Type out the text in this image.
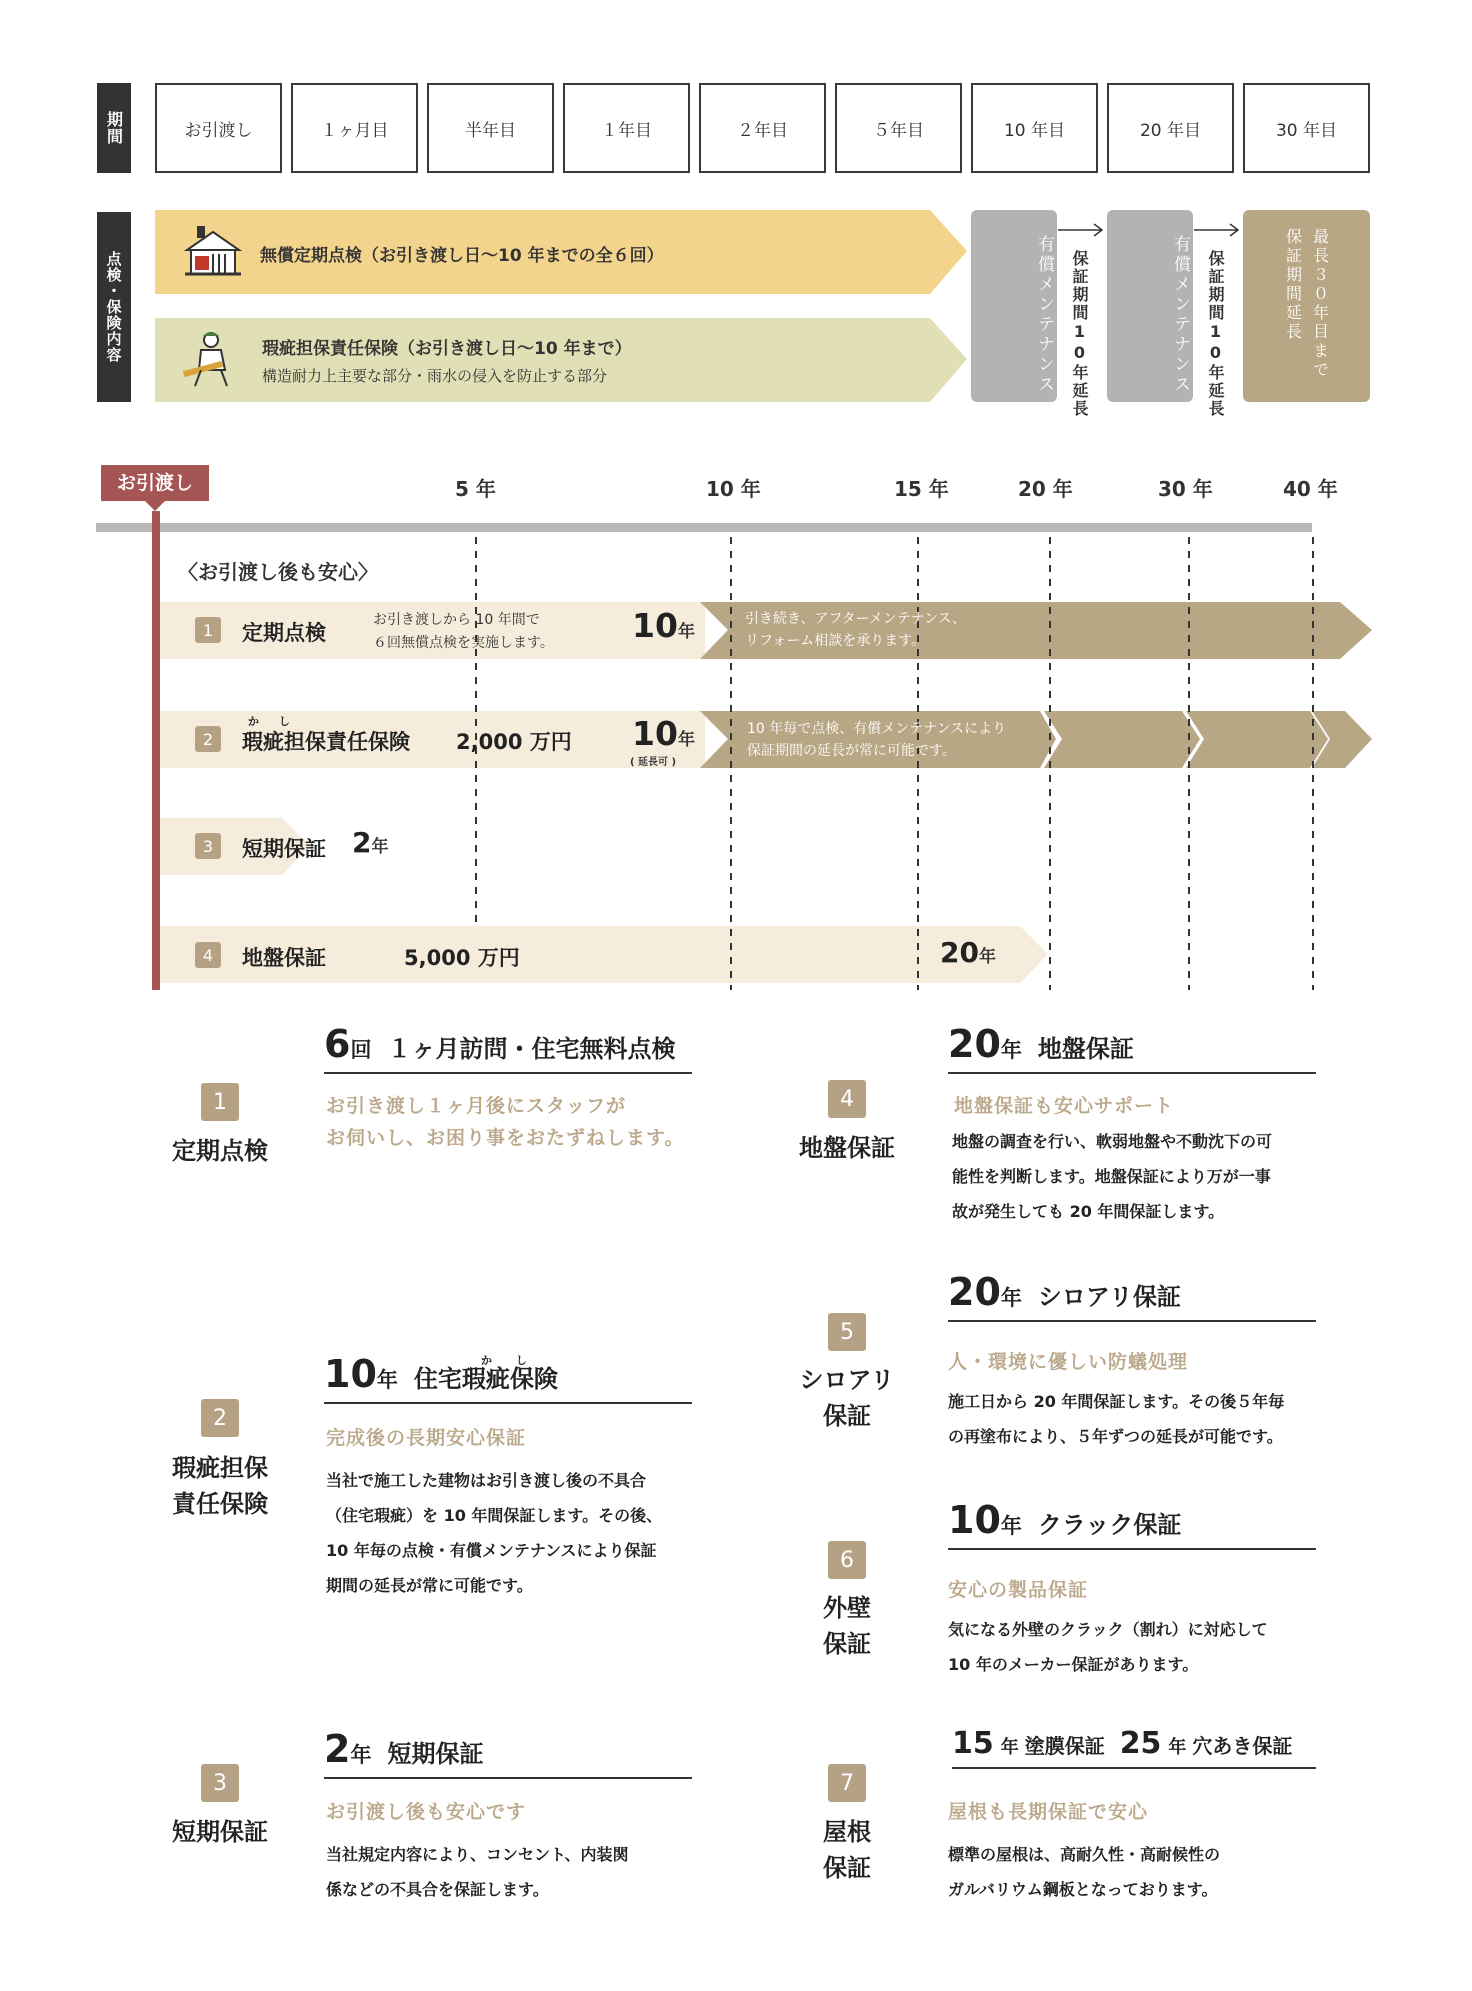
期間	お引渡し	１ヶ月目	半年目	１年目	２年目	５年目	10 年目	20 年目	30 年目
点検・保険内容	無償定期点検（お引き渡し日〜10 年までの全６回）
瑕疵担保責任保険（お引き渡し日〜10 年まで）
構造耐力上主要な部分・雨水の侵入を防止する部分	有償メンテナンス 保証期間10年延長	有償メンテナンス 保証期間10年延長	最長３０年目まで
保証期間延長
お引渡し	5 年	10 年	15 年	20 年	30 年	40 年
〈お引渡し後も安心〉
1	定期点検
お引き渡しから 10 年間で
６回無償点検を実施します。 10年
引き続き、アフターメンテナンス、
リフォーム相談を承ります。
2
か し
瑕疵担保責任保険 2,000 万円 10年
( 延長可 )
10 年毎で点検、有償メンテナンスにより
保証期間の延長が常に可能です。
3	短期保証 2年
4	地盤保証	5,000 万円	20年
1
定期点検
6回 １ヶ月訪問・住宅無料点検
お引き渡し１ヶ月後にスタッフが
お伺いし、お困り事をおたずねします。
2
瑕疵担保
責任保険
か し
10年 住宅瑕疵保険
完成後の長期安心保証
当社で施工した建物はお引き渡し後の不具合
（住宅瑕疵）を 10 年間保証します。その後、
10 年毎の点検・有償メンテナンスにより保証
期間の延長が常に可能です。
3
短期保証
2年 短期保証
お引渡し後も安心です
当社規定内容により、コンセント、内装関
係などの不具合を保証します。
4
地盤保証
20年 地盤保証
地盤保証も安心サポート
地盤の調査を行い、軟弱地盤や不動沈下の可
能性を判断します。地盤保証により万が一事
故が発生しても 20 年間保証します。
5
シロアリ
保証
20年 シロアリ保証
人・環境に優しい防蟻処理
施工日から 20 年間保証します。その後５年毎
の再塗布により、５年ずつの延長が可能です。
6
外壁
保証
10年 クラック保証
安心の製品保証
気になる外壁のクラック（割れ）に対応して
10 年のメーカー保証があります。
7
屋根
保証
15 年 塗膜保証 25 年 穴あき保証
屋根も長期保証で安心
標準の屋根は、高耐久性・高耐候性の
ガルバリウム鋼板となっております。
